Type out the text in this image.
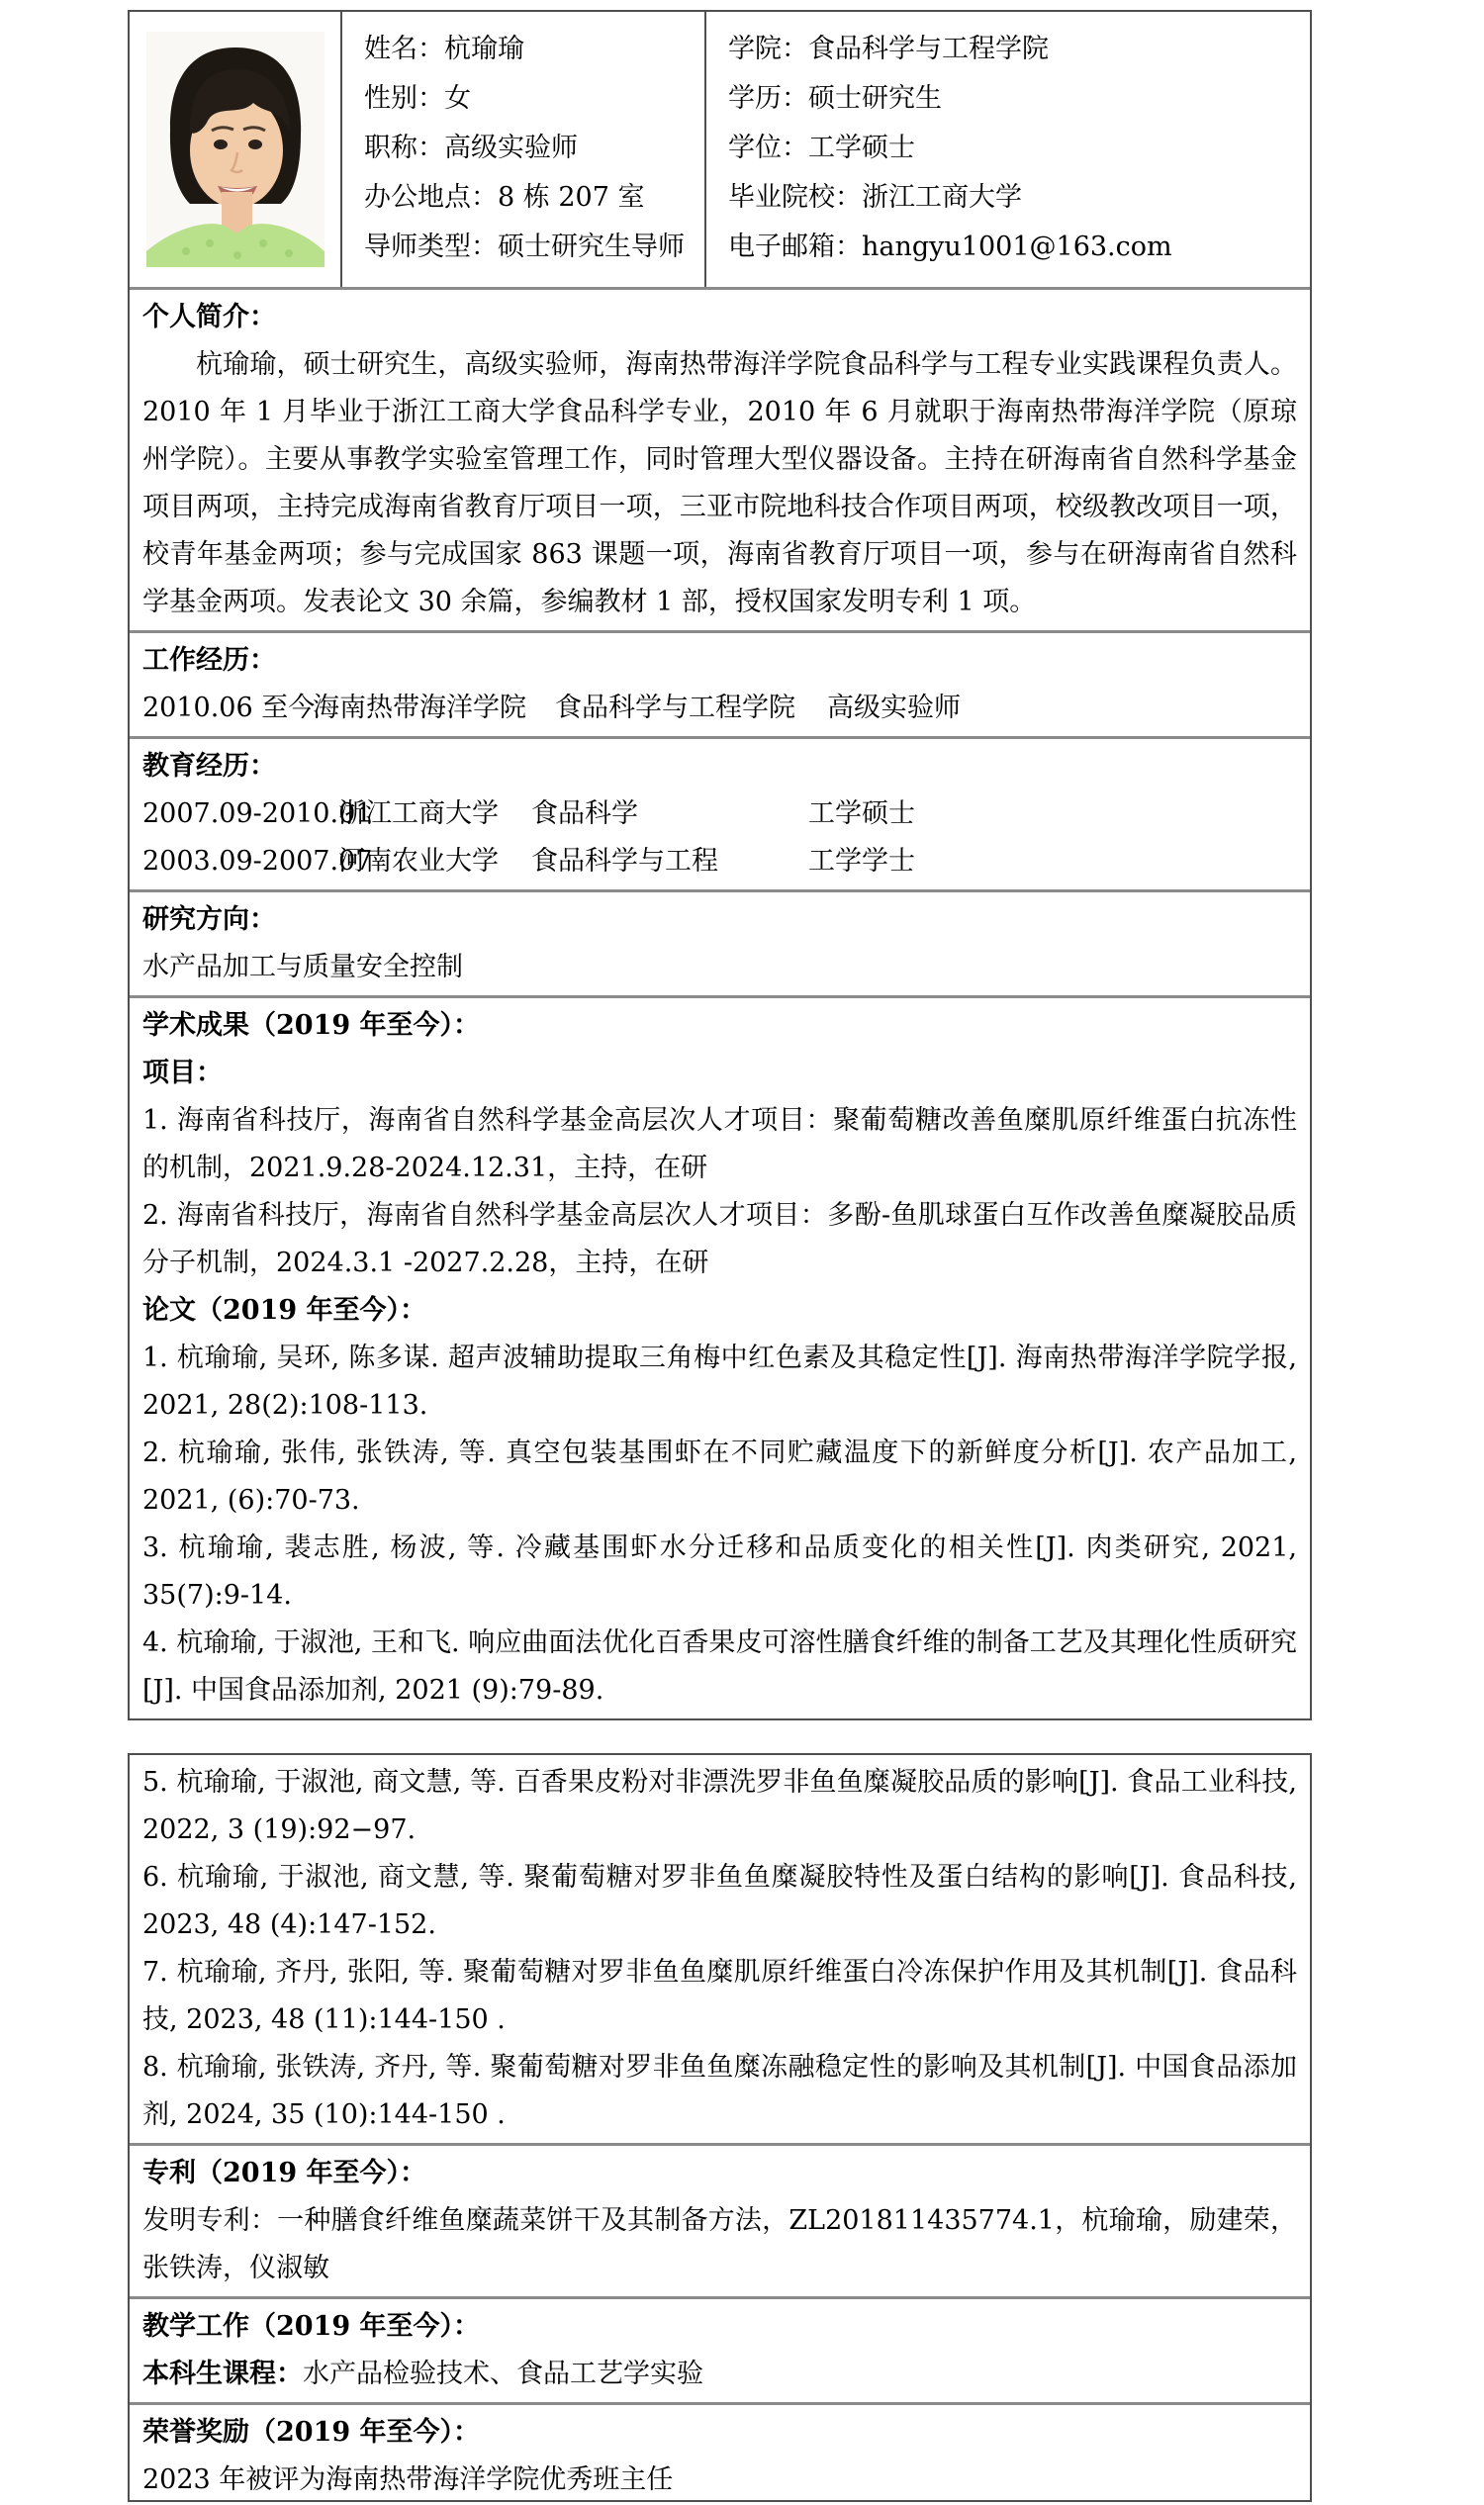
姓名：杭瑜瑜
性别：女
职称：高级实验师
办公地点：8 栋 207 室
导师类型：硕士研究生导师
学院：食品科学与工程学院
学历：硕士研究生
学位：工学硕士
毕业院校：浙江工商大学
电子邮箱：hangyu1001@163.com

个人简介：

杭瑜瑜，硕士研究生，高级实验师，海南热带海洋学院食品科学与工程专业实践课程负责人。2010 年 1 月毕业于浙江工商大学食品科学专业，2010 年 6 月就职于海南热带海洋学院（原琼州学院）。主要从事教学实验室管理工作，同时管理大型仪器设备。主持在研海南省自然科学基金项目两项，主持完成海南省教育厅项目一项，三亚市院地科技合作项目两项，校级教改项目一项，校青年基金两项；参与完成国家 863 课题一项，海南省教育厅项目一项，参与在研海南省自然科学基金两项。发表论文 30 余篇，参编教材 1 部，授权国家发明专利 1 项。

工作经历：

2010.06 至今
海南热带海洋学院	食品科学与工程学院	高级实验师

教育经历：

2007.09-2010.01
浙江工商大学	食品科学	工学硕士
2003.09-2007.07
河南农业大学	食品科学与工程	工学学士

研究方向：

水产品加工与质量安全控制

学术成果（2019 年至今）：

项目：

1. 海南省科技厅，海南省自然科学基金高层次人才项目：聚葡萄糖改善鱼糜肌原纤维蛋白抗冻性的机制，2021.9.28-2024.12.31，主持，在研

2. 海南省科技厅，海南省自然科学基金高层次人才项目：多酚-鱼肌球蛋白互作改善鱼糜凝胶品质分子机制，2024.3.1 -2027.2.28，主持，在研

论文（2019 年至今）：

1. 杭瑜瑜, 吴环, 陈多谋. 超声波辅助提取三角梅中红色素及其稳定性[J]. 海南热带海洋学院学报, 2021, 28(2):108-113.

2. 杭瑜瑜, 张伟, 张铁涛, 等. 真空包装基围虾在不同贮藏温度下的新鲜度分析[J]. 农产品加工, 2021, (6):70-73.

3. 杭瑜瑜, 裴志胜, 杨波, 等. 冷藏基围虾水分迁移和品质变化的相关性[J]. 肉类研究, 2021, 35(7):9-14.

4. 杭瑜瑜, 于淑池, 王和飞. 响应曲面法优化百香果皮可溶性膳食纤维的制备工艺及其理化性质研究[J]. 中国食品添加剂, 2021 (9):79-89.

5. 杭瑜瑜, 于淑池, 商文慧, 等. 百香果皮粉对非漂洗罗非鱼鱼糜凝胶品质的影响[J]. 食品工业科技, 2022, 3 (19):92−97.

6. 杭瑜瑜, 于淑池, 商文慧, 等. 聚葡萄糖对罗非鱼鱼糜凝胶特性及蛋白结构的影响[J]. 食品科技, 2023, 48 (4):147-152.

7. 杭瑜瑜, 齐丹, 张阳, 等. 聚葡萄糖对罗非鱼鱼糜肌原纤维蛋白冷冻保护作用及其机制[J]. 食品科技, 2023, 48 (11):144-150 .

8. 杭瑜瑜, 张铁涛, 齐丹, 等. 聚葡萄糖对罗非鱼鱼糜冻融稳定性的影响及其机制[J]. 中国食品添加剂, 2024, 35 (10):144-150 .

专利（2019 年至今）：

发明专利：一种膳食纤维鱼糜蔬菜饼干及其制备方法，ZL201811435774.1，杭瑜瑜，励建荣，张铁涛，仪淑敏

教学工作（2019 年至今）：

本科生课程：水产品检验技术、食品工艺学实验

荣誉奖励（2019 年至今）：

2023 年被评为海南热带海洋学院优秀班主任
